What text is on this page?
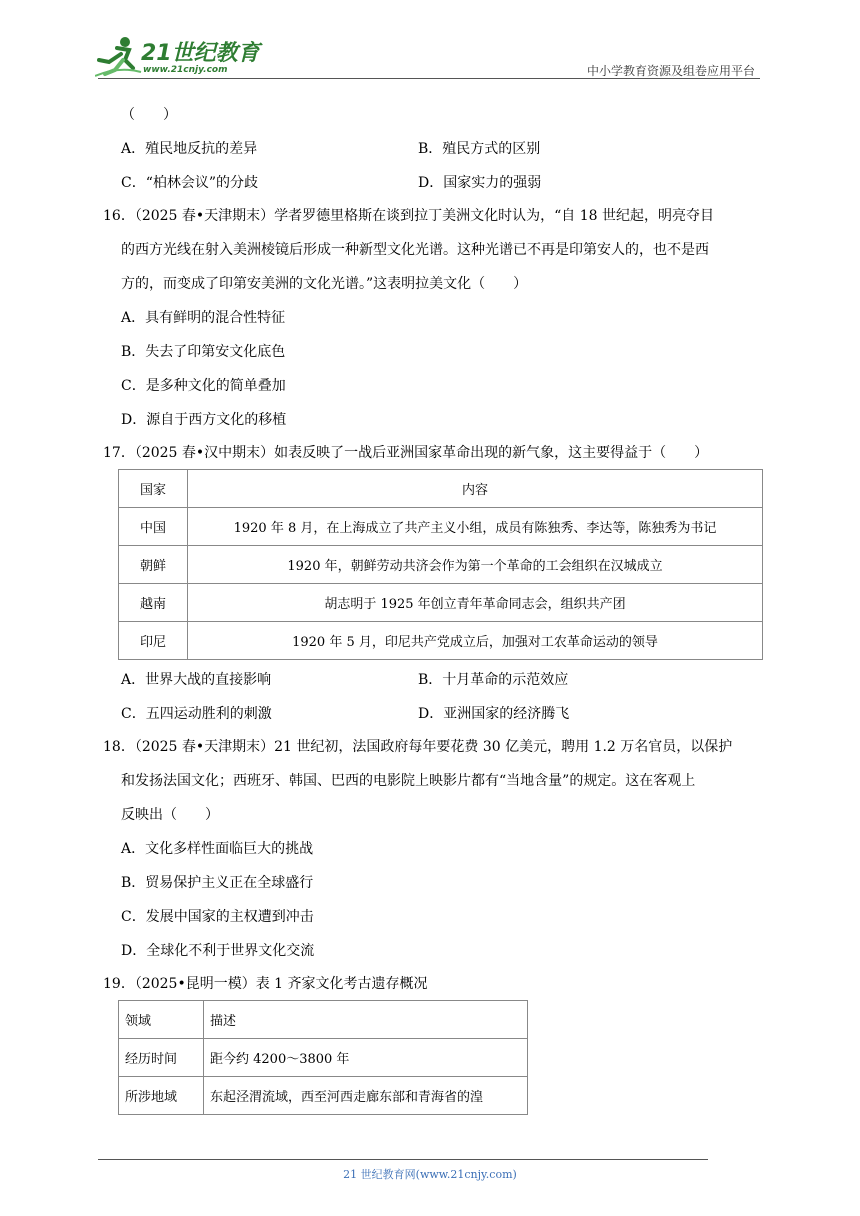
21世纪教育
www.21cnjy.com	中小学教育资源及组卷应用平台
（　　）
A．殖民地反抗的差异	B．殖民方式的区别
C．“柏林会议”的分歧	D．国家实力的强弱
16．（2025 春•天津期末）学者罗德里格斯在谈到拉丁美洲文化时认为，“自 18 世纪起，明亮夺目
的西方光线在射入美洲棱镜后形成一种新型文化光谱。这种光谱已不再是印第安人的，也不是西
方的，而变成了印第安美洲的文化光谱。”这表明拉美文化（　　）
A．具有鲜明的混合性特征
B．失去了印第安文化底色
C．是多种文化的简单叠加
D．源自于西方文化的移植
17．（2025 春•汉中期末）如表反映了一战后亚洲国家革命出现的新气象，这主要得益于（　　）
国家	内容
中国	1920 年 8 月，在上海成立了共产主义小组，成员有陈独秀、李达等，陈独秀为书记
朝鲜	1920 年，朝鲜劳动共济会作为第一个革命的工会组织在汉城成立
越南	胡志明于 1925 年创立青年革命同志会，组织共产团
印尼	1920 年 5 月，印尼共产党成立后，加强对工农革命运动的领导
A．世界大战的直接影响	B．十月革命的示范效应
C．五四运动胜利的刺激	D．亚洲国家的经济腾飞
18．（2025 春•天津期末）21 世纪初，法国政府每年要花费 30 亿美元，聘用 1.2 万名官员，以保护
和发扬法国文化；西班牙、韩国、巴西的电影院上映影片都有“当地含量”的规定。这在客观上
反映出（　　）
A．文化多样性面临巨大的挑战
B．贸易保护主义正在全球盛行
C．发展中国家的主权遭到冲击
D．全球化不利于世界文化交流
19．（2025•昆明一模）表 1 齐家文化考古遗存概况
领域	描述
经历时间	距今约 4200～3800 年
所涉地域	东起泾渭流域，西至河西走廊东部和青海省的湟
21 世纪教育网(www.21cnjy.com)
